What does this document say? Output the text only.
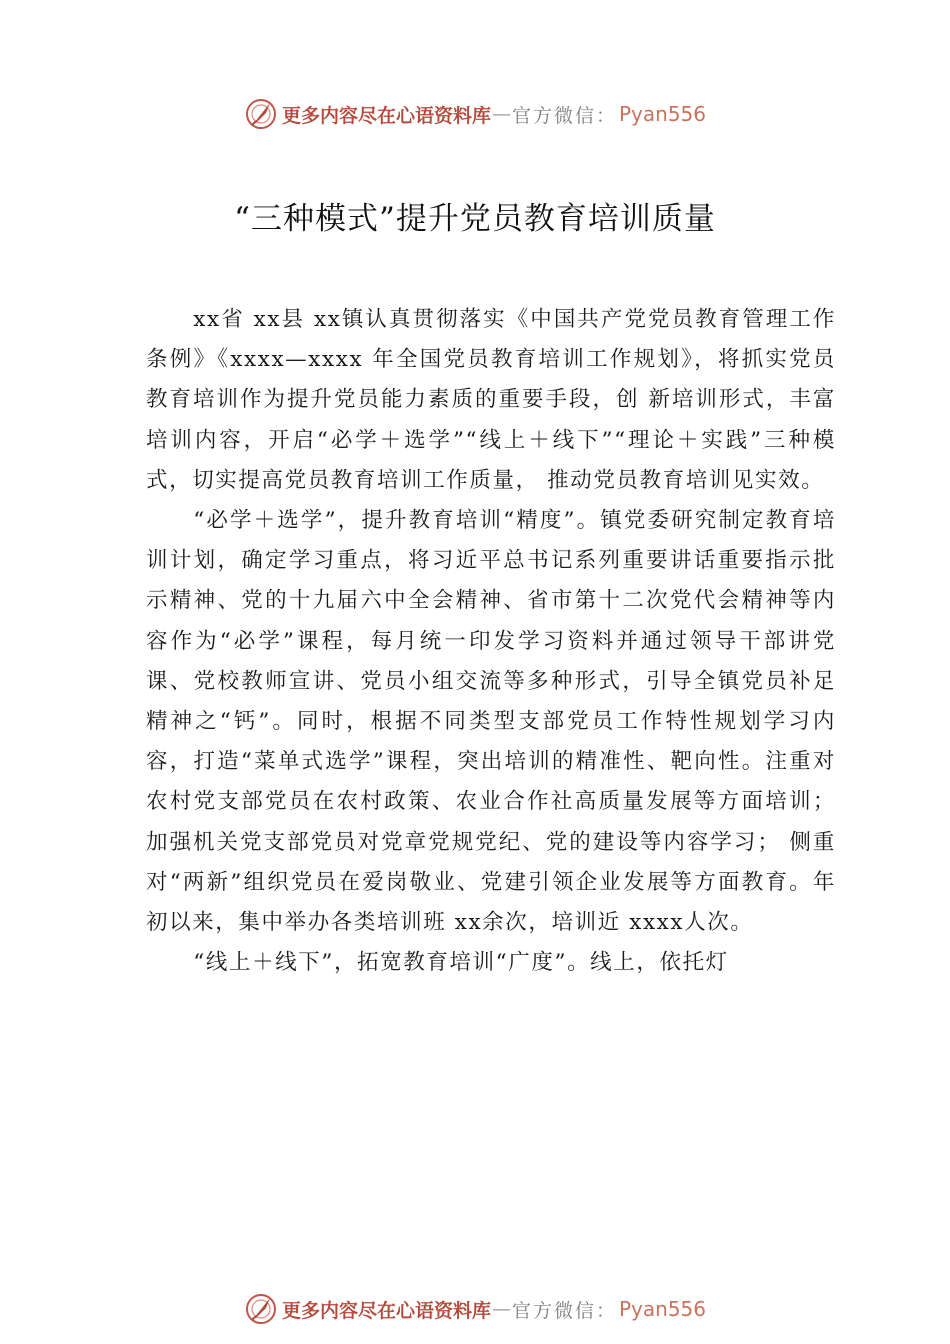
更多内容尽在心语资料库 — 官方微信： Pyan556
“三种模式”提升党员教育培训质量

xx省 xx县 xx镇认真贯彻落实《中国共产党党员教育管理工作条例》《xxxx—xxxx 年全国党员教育培训工作规划》，将抓实党员教育培训作为提升党员能力素质的重要手段，创 新培训形式，丰富培训内容，开启“必学＋选学”“线上＋线下”“理论＋实践”三种模式，切实提高党员教育培训工作质量， 推动党员教育培训见实效。

“必学＋选学”，提升教育培训“精度”。镇党委研究制定教育培训计划，确定学习重点，将习近平总书记系列重要讲话重要指示批示精神、党的十九届六中全会精神、省市第十二次党代会精神等内容作为“必学”课程，每月统一印发学习资料并通过领导干部讲党课、党校教师宣讲、党员小组交流等多种形式，引导全镇党员补足精神之“钙”。同时，根据不同类型支部党员工作特性规划学习内容，打造“菜单式选学”课程，突出培训的精准性、靶向性。注重对农村党支部党员在农村政策、农业合作社高质量发展等方面培训；加强机关党支部党员对党章党规党纪、党的建设等内容学习； 侧重对“两新”组织党员在爱岗敬业、党建引领企业发展等方面教育。年初以来，集中举办各类培训班 xx余次，培训近 xxxx人次。

“线上＋线下”，拓宽教育培训“广度”。线上，依托灯

更多内容尽在心语资料库 — 官方微信： Pyan556
